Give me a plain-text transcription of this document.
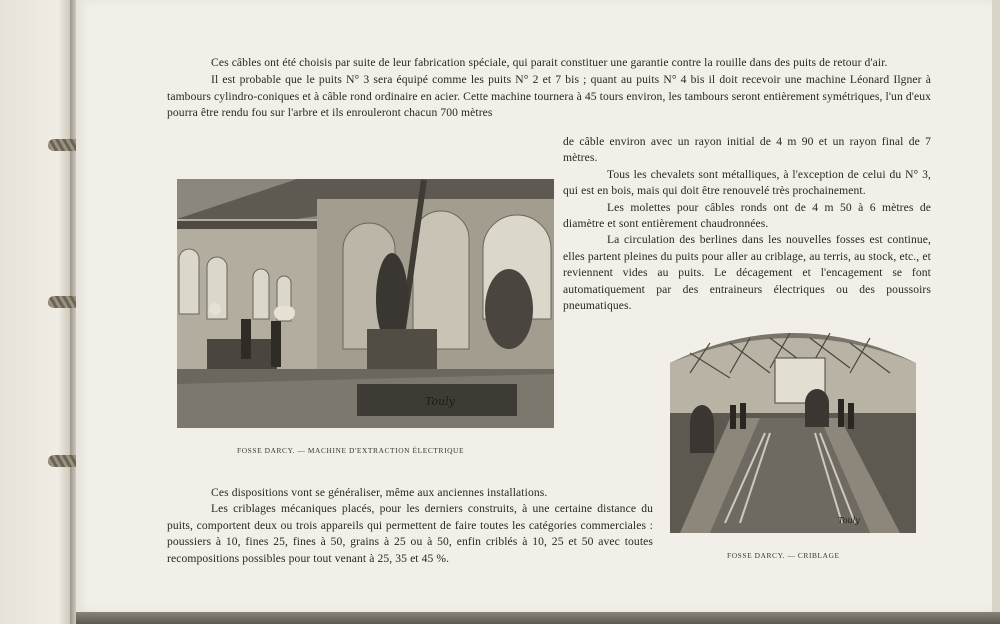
Ces câbles ont été choisis par suite de leur fabrication spéciale, qui parait constituer une garantie contre la rouille dans des puits de retour d'air.

Il est probable que le puits N° 3 sera équipé comme les puits N° 2 et 7 bis ; quant au puits N° 4 bis il doit recevoir une machine Léonard Ilgner à tambours cylindro-coniques et à câble rond ordinaire en acier. Cette machine tournera à 45 tours environ, les tambours seront entièrement symétriques, l'un d'eux pourra être rendu fou sur l'arbre et ils enrouleront chacun 700 mètres

de câble environ avec un rayon initial de 4 m 90 et un rayon final de 7 mètres.

Tous les chevalets sont métalliques, à l'exception de celui du N° 3, qui est en bois, mais qui doit être renouvelé très prochainement.

Les molettes pour câbles ronds ont de 4 m 50 à 6 mètres de diamètre et sont entièrement chaudronnées.

La circulation des berlines dans les nouvelles fosses est continue, elles partent pleines du puits pour aller au criblage, au terris, au stock, etc., et reviennent vides au puits. Le décagement et l'encagement se font automatiquement par des entraineurs électriques ou des poussoirs pneumatiques.

Touly
FOSSE DARCY. — MACHINE D'EXTRACTION ÉLECTRIQUE
Touly
FOSSE DARCY. — CRIBLAGE

Ces dispositions vont se généraliser, même aux anciennes installations.

Les criblages mécaniques placés, pour les derniers construits, à une certaine distance du puits, comportent deux ou trois appareils qui permettent de faire toutes les catégories commerciales : poussiers à 10, fines 25, fines à 50, grains à 25 ou à 50, enfin criblés à 10, 25 et 50 avec toutes recompositions possibles pour tout venant à 25, 35 et 45 %.
